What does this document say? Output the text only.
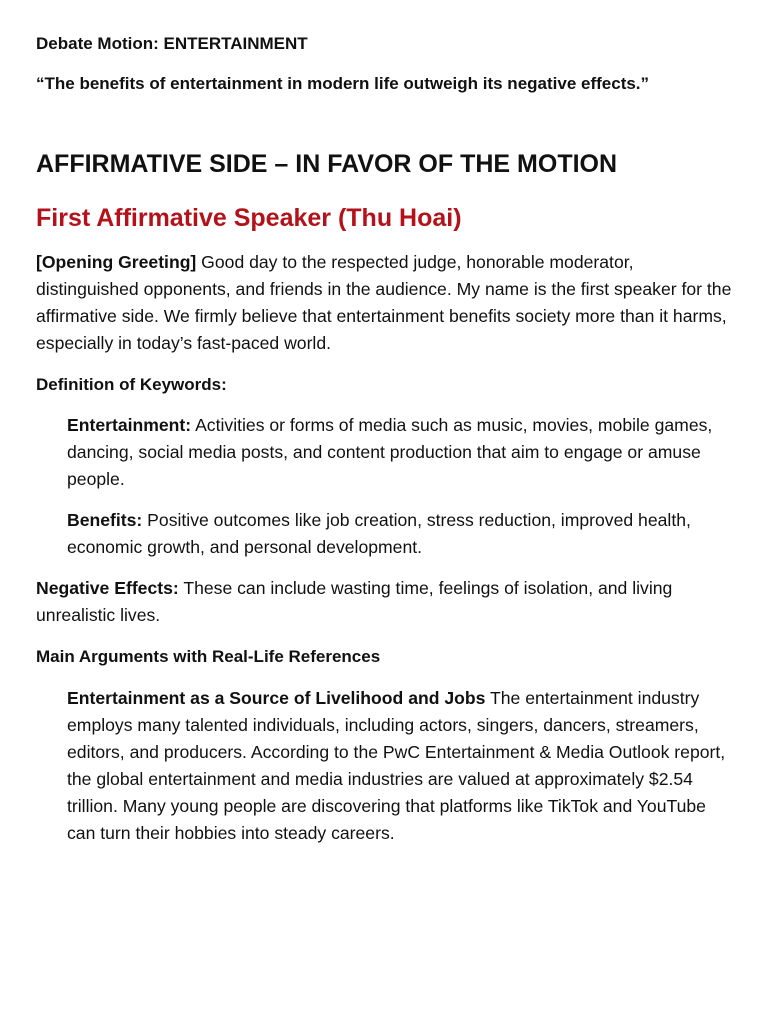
Debate Motion: ENTERTAINMENT

“The benefits of entertainment in modern life outweigh its negative effects.”

AFFIRMATIVE SIDE – IN FAVOR OF THE MOTION
First Affirmative Speaker (Thu Hoai)

[Opening Greeting] Good day to the respected judge, honorable moderator, distinguished opponents, and friends in the audience. My name is the first speaker for the affirmative side. We firmly believe that entertainment benefits society more than it harms, especially in today’s fast-paced world.

Definition of Keywords:

Entertainment: Activities or forms of media such as music, movies, mobile games, dancing, social media posts, and content production that aim to engage or amuse people.

Benefits: Positive outcomes like job creation, stress reduction, improved health, economic growth, and personal development.

Negative Effects: These can include wasting time, feelings of isolation, and living unrealistic lives.

Main Arguments with Real-Life References

Entertainment as a Source of Livelihood and Jobs The entertainment industry employs many talented individuals, including actors, singers, dancers, streamers, editors, and producers. According to the PwC Entertainment & Media Outlook report, the global entertainment and media industries are valued at approximately $2.54 trillion. Many young people are discovering that platforms like TikTok and YouTube can turn their hobbies into steady careers.
